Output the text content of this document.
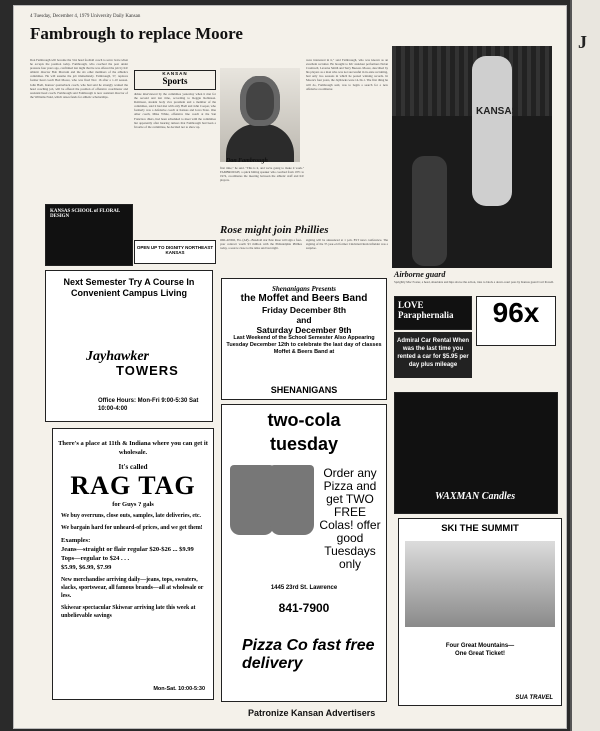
4 Tuesday, December 4, 1979 University Daily Kansan
Fambrough to replace Moore
Don Fambrough will become the 31st head football coach to serve twice when he accepts the position today. Fambrough, who coached the post under pressure four years ago, confirmed last night that he was offered the job by KU athletic director Bob Marcum and the six other members of the athletics committee. He will assume the job immediately. Fambrough, 57, replaces former head coach Bud Moore, who was fired Nov. 16 after a 1-10 season. John Hadl, Kansas' quarterback coach, who had said he strongly wanted the head coaching job, will be offered the position of offensive coordinator and assistant head coach. Fambrough said Fambrough is now assistant director of the Williams Fund, which raises funds for athletic scholarships.
KANSAN
Sports
didate interviewed by the committee yesterday when it met for the second and last time, according to Reggie Robinson. Robinson, student body vice president and a member of the committee, said it had met with only Hadl and John Cooper, who formerly was a defensive coach at Kansas and Iowa State. One other coach, Mike White, offensive line coach at the San Francisco 49ers, had been scheduled to meet with the committee but apparently after hearing rumors that Fambrough had been a favorite of the committee, he decided not to show up.
Don Fambrough
first time," he said. "This is it, and we're going to make it work." FAMBROUGH, a quick hitting speaker who coached from 1971 to 1974, coordinates the meeting between the athletic staff and KU players.
were interested in it," said Fambrough, who was known as an excellent recruiter. He brought to KU standout performers Nolan Cromwell, Laverne Smith and Terry Beeson. Moore, described by his players as a man who was not successful in in-state recruiting, had only two seasons in which he posted winning records. In Moore's four years, the Jayhawks were 14-34-1. The first thing he will do, Fambrough said, was to begin a search for a new offensive coordinator.
Rose might join Phillies
ORLANDO, Fla. (AP)—Baseball star Pete Rose will sign a four-year contract worth $3 million with the Philadelphia Phillies today, a source close to the talks said last night.
signing will be announced at 1 p.m. EST news conference. The signing of the 37-year-old former Cincinnati Reds infielder was a surprise.
KANSAS
Airborne guard
Sprightly Mac Foster, a head, shoulders and hips above the action, tries to block a down-court pass by Kansas guard Carl Powell.
KANSAS SCHOOL of FLORAL DESIGN
OPEN UP TO DIGNITY NORTHEAST KANSAS
Next Semester Try A Course In Convenient Campus Living
Jayhawker
TOWERS
Office Hours: Mon-Fri 9:00-5:30 Sat 10:00-4:00
There's a place at 11th & Indiana where you can get it wholesale.
It's called
RAG TAG
for Guys ? gals
We buy overruns, close outs, samples, late deliveries, etc.
We bargain hard for unheard-of prices, and we get them!
Examples:
Jeans—straight or flair regular $20-$26 ... $9.99
Tops—regular to $24 . . .
$5.99, $6.99, $7.99
New merchandise arriving daily—jeans, tops, sweaters, slacks, sportswear, all famous brands—all at wholesale or less.
Skiwear spectacular Skiwear arriving late this week at unbelievable savings
Mon-Sat. 10:00-5:30
Shenanigans Presents
the Moffet and Beers Band
Friday December 8th
and
Saturday December 9th
Last Weekend of the School Semester Also Appearing Tuesday December 12th to celebrate the last day of classes
Moffet & Beers Band at
SHENANIGANS
two-cola
tuesday
Order any Pizza and get TWO FREE Colas! offer good Tuesdays only
1445 23rd St. Lawrence
841-7900
Pizza Co fast free delivery
Patronize Kansan Advertisers
LOVE Paraphernalia	96x
Admiral Car Rental When was the last time you rented a car for $5.95 per day plus mileage
WAXMAN Candles
SKI THE SUMMIT
Four Great Mountains—
One Great Ticket!
SUA TRAVEL
J
